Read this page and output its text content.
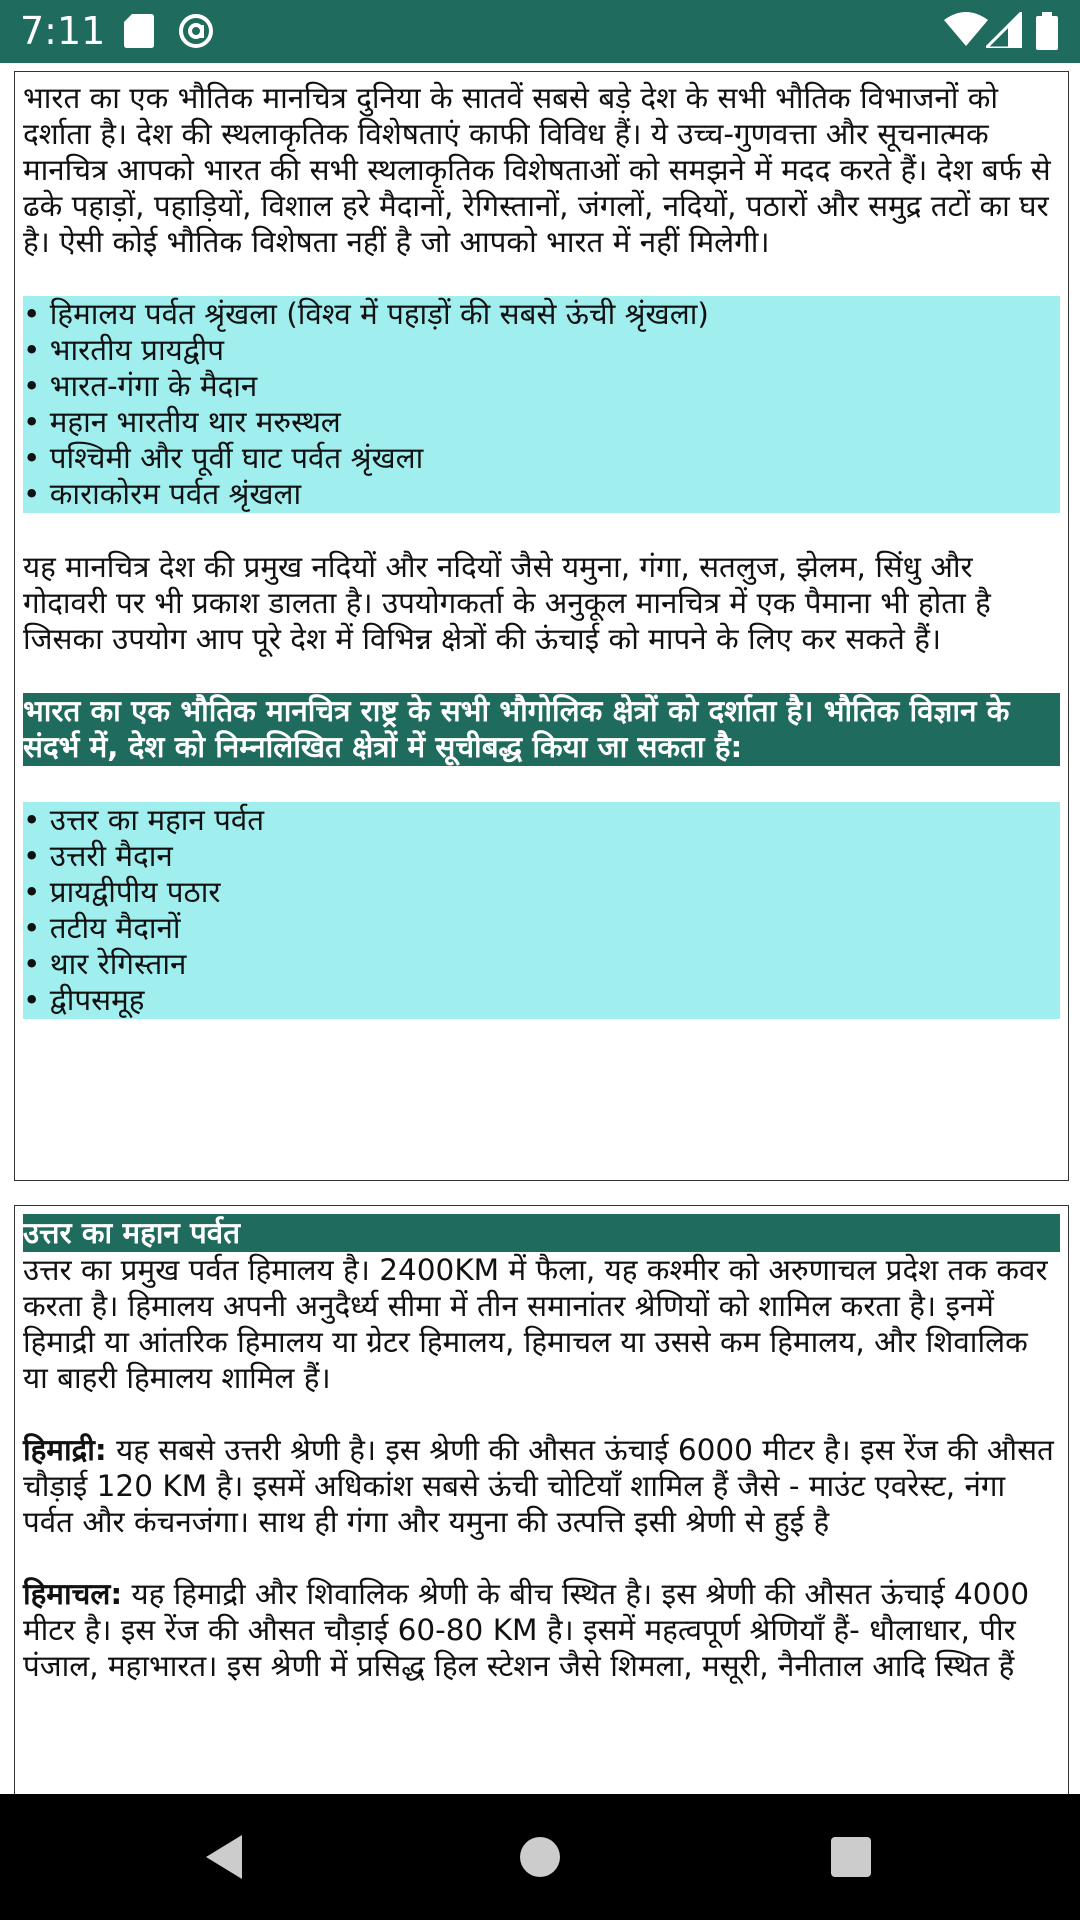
7:11

भारत का एक भौतिक मानचित्र दुनिया के सातवें सबसे बड़े देश के सभी भौतिक विभाजनों को दर्शाता है। देश की स्थलाकृतिक विशेषताएं काफी विविध हैं। ये उच्च-गुणवत्ता और सूचनात्मक मानचित्र आपको भारत की सभी स्थलाकृतिक विशेषताओं को समझने में मदद करते हैं। देश बर्फ से ढके पहाड़ों, पहाड़ियों, विशाल हरे मैदानों, रेगिस्तानों, जंगलों, नदियों, पठारों और समुद्र तटों का घर है। ऐसी कोई भौतिक विशेषता नहीं है जो आपको भारत में नहीं मिलेगी।

• हिमालय पर्वत श्रृंखला (विश्व में पहाड़ों की सबसे ऊंची श्रृंखला)
• भारतीय प्रायद्वीप
• भारत-गंगा के मैदान
• महान भारतीय थार मरुस्थल
• पश्चिमी और पूर्वी घाट पर्वत श्रृंखला
• काराकोरम पर्वत श्रृंखला

यह मानचित्र देश की प्रमुख नदियों और नदियों जैसे यमुना, गंगा, सतलुज, झेलम, सिंधु और गोदावरी पर भी प्रकाश डालता है। उपयोगकर्ता के अनुकूल मानचित्र में एक पैमाना भी होता है जिसका उपयोग आप पूरे देश में विभिन्न क्षेत्रों की ऊंचाई को मापने के लिए कर सकते हैं।

भारत का एक भौतिक मानचित्र राष्ट्र के सभी भौगोलिक क्षेत्रों को दर्शाता है। भौतिक विज्ञान के संदर्भ में, देश को निम्नलिखित क्षेत्रों में सूचीबद्ध किया जा सकता है:
• उत्तर का महान पर्वत
• उत्तरी मैदान
• प्रायद्वीपीय पठार
• तटीय मैदानों
• थार रेगिस्तान
• द्वीपसमूह
उत्तर का महान पर्वत

उत्तर का प्रमुख पर्वत हिमालय है। 2400KM में फैला, यह कश्मीर को अरुणाचल प्रदेश तक कवर करता है। हिमालय अपनी अनुदैर्ध्य सीमा में तीन समानांतर श्रेणियों को शामिल करता है। इनमें हिमाद्री या आंतरिक हिमालय या ग्रेटर हिमालय, हिमाचल या उससे कम हिमालय, और शिवालिक या बाहरी हिमालय शामिल हैं।

हिमाद्री: यह सबसे उत्तरी श्रेणी है। इस श्रेणी की औसत ऊंचाई 6000 मीटर है। इस रेंज की औसत चौड़ाई 120 KM है। इसमें अधिकांश सबसे ऊंची चोटियाँ शामिल हैं जैसे - माउंट एवरेस्ट, नंगा पर्वत और कंचनजंगा। साथ ही गंगा और यमुना की उत्पत्ति इसी श्रेणी से हुई है

हिमाचल: यह हिमाद्री और शिवालिक श्रेणी के बीच स्थित है। इस श्रेणी की औसत ऊंचाई 4000 मीटर है। इस रेंज की औसत चौड़ाई 60-80 KM है। इसमें महत्वपूर्ण श्रेणियाँ हैं- धौलाधार, पीर पंजाल, महाभारत। इस श्रेणी में प्रसिद्ध हिल स्टेशन जैसे शिमला, मसूरी, नैनीताल आदि स्थित हैं
